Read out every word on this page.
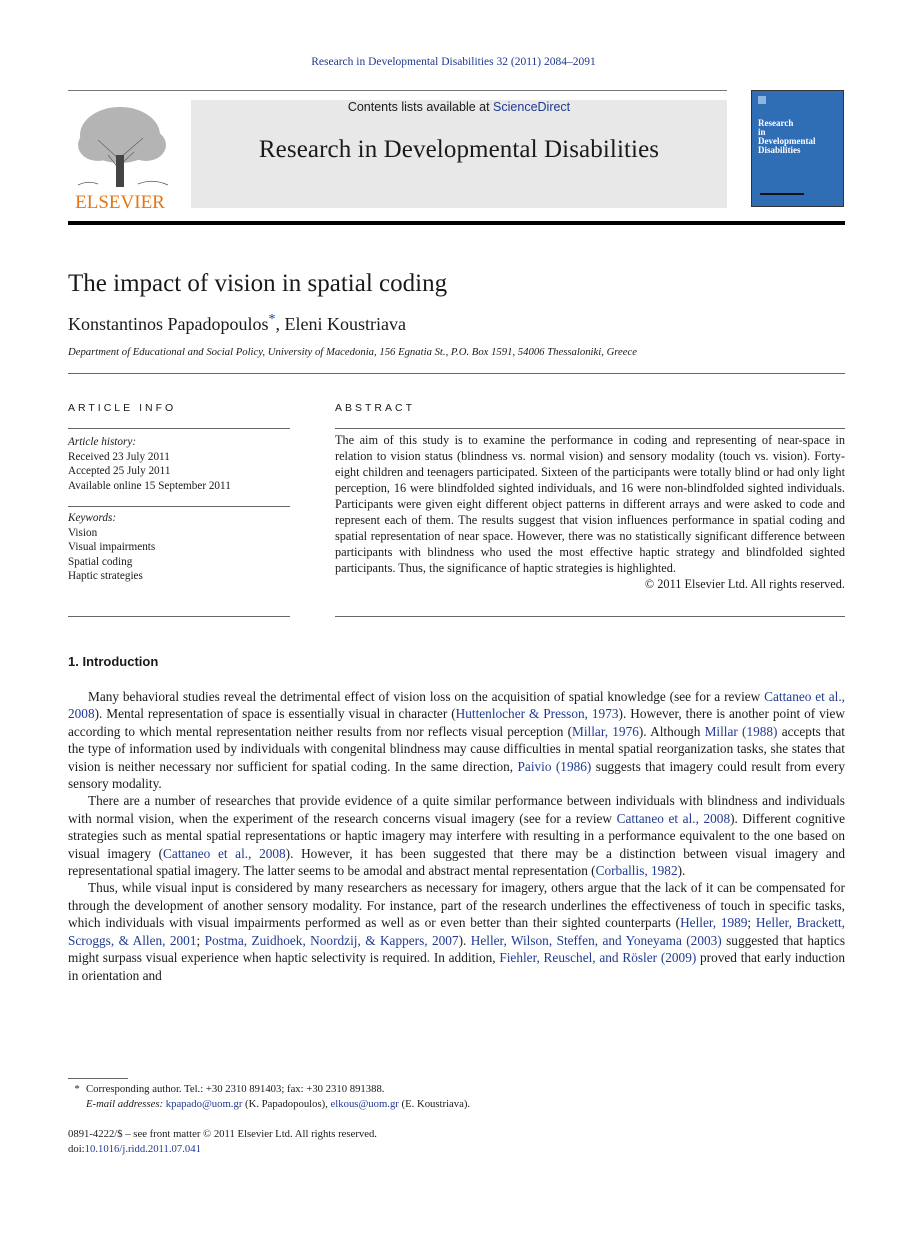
Research in Developmental Disabilities 32 (2011) 2084–2091
ELSEVIER
Contents lists available at ScienceDirect
Research in Developmental Disabilities
Research
in
Developmental
Disabilities
The impact of vision in spatial coding
Konstantinos Papadopoulos*, Eleni Koustriava
Department of Educational and Social Policy, University of Macedonia, 156 Egnatia St., P.O. Box 1591, 54006 Thessaloniki, Greece
ARTICLE INFO
Article history:
Received 23 July 2011
Accepted 25 July 2011
Available online 15 September 2011
Keywords:
Vision
Visual impairments
Spatial coding
Haptic strategies
ABSTRACT
The aim of this study is to examine the performance in coding and representing of near-space in relation to vision status (blindness vs. normal vision) and sensory modality (touch vs. vision). Forty-eight children and teenagers participated. Sixteen of the participants were totally blind or had only light perception, 16 were blindfolded sighted individuals, and 16 were non-blindfolded sighted individuals. Participants were given eight different object patterns in different arrays and were asked to code and represent each of them. The results suggest that vision influences performance in spatial coding and spatial representation of near space. However, there was no statistically significant difference between participants with blindness who used the most effective haptic strategy and blindfolded sighted participants. Thus, the significance of haptic strategies is highlighted.
© 2011 Elsevier Ltd. All rights reserved.
1. Introduction

Many behavioral studies reveal the detrimental effect of vision loss on the acquisition of spatial knowledge (see for a review Cattaneo et al., 2008). Mental representation of space is essentially visual in character (Huttenlocher & Presson, 1973). However, there is another point of view according to which mental representation neither results from nor reflects visual perception (Millar, 1976). Although Millar (1988) accepts that the type of information used by individuals with congenital blindness may cause difficulties in mental spatial reorganization tasks, she states that vision is neither necessary nor sufficient for spatial coding. In the same direction, Paivio (1986) suggests that imagery could result from every sensory modality.

There are a number of researches that provide evidence of a quite similar performance between individuals with blindness and individuals with normal vision, when the experiment of the research concerns visual imagery (see for a review Cattaneo et al., 2008). Different cognitive strategies such as mental spatial representations or haptic imagery may interfere with resulting in a performance equivalent to the one based on visual imagery (Cattaneo et al., 2008). However, it has been suggested that there may be a distinction between visual imagery and representational spatial imagery. The latter seems to be amodal and abstract mental representation (Corballis, 1982).

Thus, while visual input is considered by many researchers as necessary for imagery, others argue that the lack of it can be compensated for through the development of another sensory modality. For instance, part of the research underlines the effectiveness of touch in specific tasks, which individuals with visual impairments performed as well as or even better than their sighted counterparts (Heller, 1989; Heller, Brackett, Scroggs, & Allen, 2001; Postma, Zuidhoek, Noordzij, & Kappers, 2007). Heller, Wilson, Steffen, and Yoneyama (2003) suggested that haptics might surpass visual experience when haptic selectivity is required. In addition, Fiehler, Reuschel, and Rösler (2009) proved that early induction in orientation and

* Corresponding author. Tel.: +30 2310 891403; fax: +30 2310 891388.
E-mail addresses: kpapado@uom.gr (K. Papadopoulos), elkous@uom.gr (E. Koustriava).
0891-4222/$ – see front matter © 2011 Elsevier Ltd. All rights reserved.
doi:10.1016/j.ridd.2011.07.041
